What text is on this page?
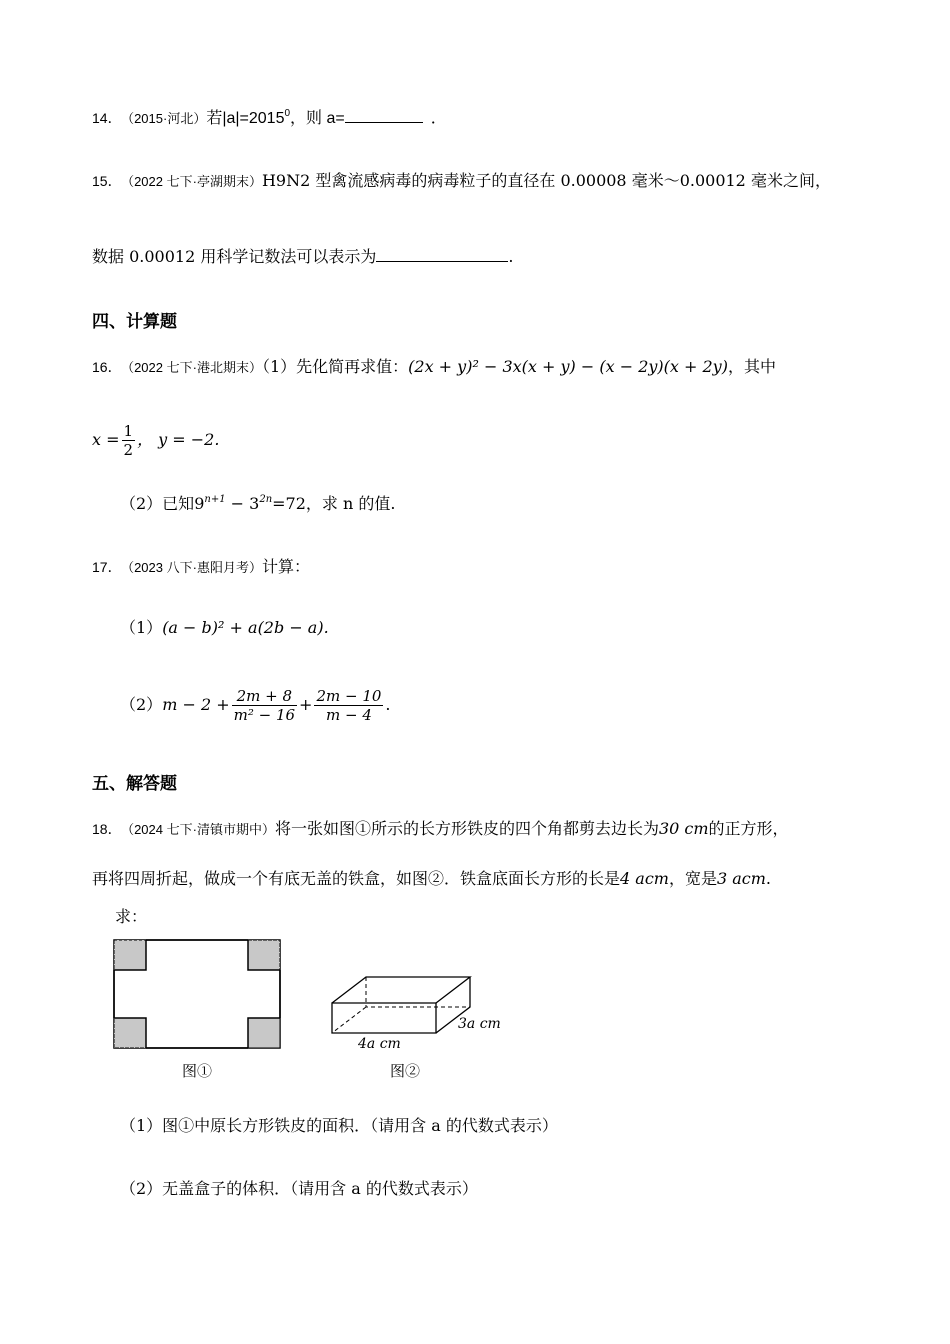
14． （2015·河北）若$|a|=2015^0$，则 a=	．
15． （2022 七下·亭湖期末）H9N2 型禽流感病毒的病毒粒子的直径在 0.00008 毫米～0.00012 毫米之间，
数据 0.00012 用科学记数法可以表示为	.
四、计算题
16． （2022 七下·港北期末）（1）先化简再求值：(2x + y)² − 3x(x + y) − (x − 2y)(x + 2y)，其中
$x = \frac{1}{2}$ ， y = −2.
（2）已知$9^{n+1} - 3^{2n}=72$，求 n 的值.
17． （2023 八下·惠阳月考）计算：
（1）(a − b)² + a(2b − a).
$(2)m - 2 + \frac{2m + 8}{\text{m² − 16}} + \frac{2m - 10}{m - 4}$ .
五、解答题
18． （2024 七下·清镇市期中）将一张如图①所示的长方形铁皮的四个角都剪去边长为30 cm的正方形，
再将四周折起，做成一个有底无盖的铁盒，如图②．铁盒底面长方形的长是4 acm，宽是3 acm.
求：
图①
4a cm
3a cm
图②
（1）图①中原长方形铁皮的面积．（请用含 a 的代数式表示）
（2）无盖盒子的体积．（请用含 a 的代数式表示）
